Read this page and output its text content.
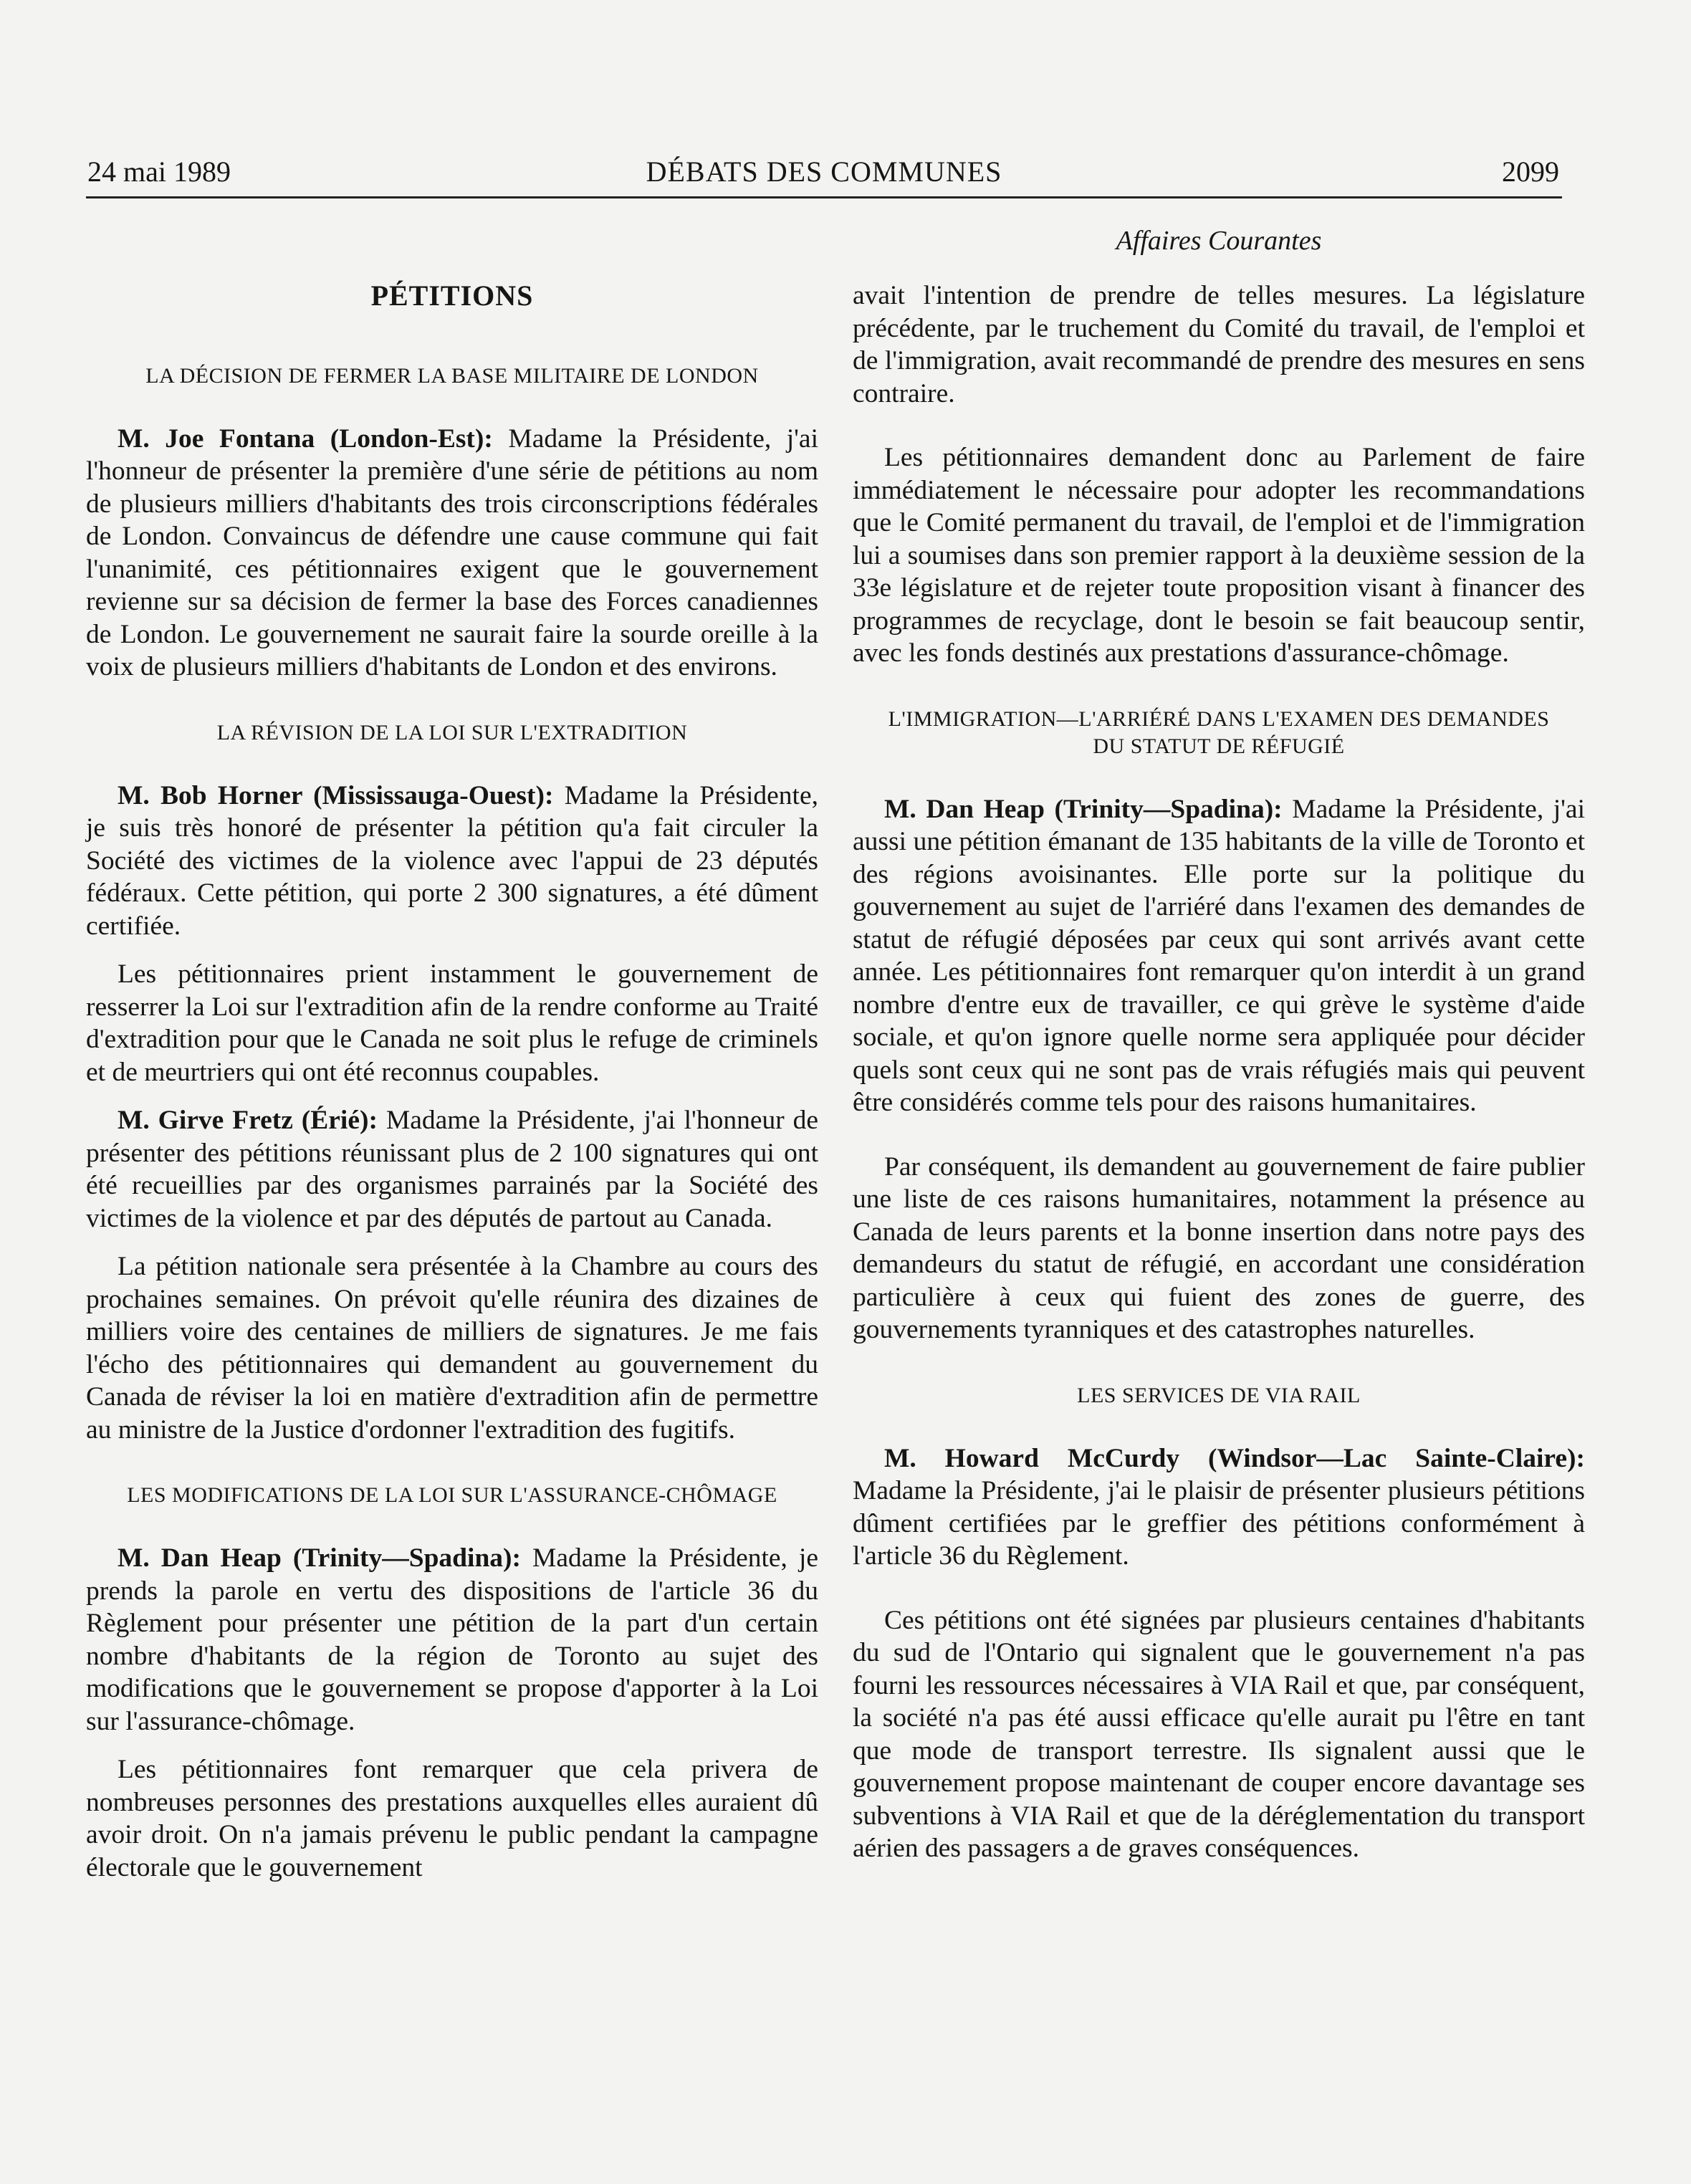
24 mai 1989	DÉBATS DES COMMUNES	2099
Affaires Courantes
PÉTITIONS
LA DÉCISION DE FERMER LA BASE MILITAIRE DE LONDON

M. Joe Fontana (London-Est): Madame la Présidente, j'ai l'honneur de présenter la première d'une série de pétitions au nom de plusieurs milliers d'habitants des trois circonscriptions fédérales de London. Convaincus de défendre une cause commune qui fait l'unanimité, ces pétitionnaires exigent que le gouvernement revienne sur sa décision de fermer la base des Forces canadiennes de London. Le gouvernement ne saurait faire la sourde oreille à la voix de plusieurs milliers d'habitants de London et des environs.

LA RÉVISION DE LA LOI SUR L'EXTRADITION

M. Bob Horner (Mississauga-Ouest): Madame la Présidente, je suis très honoré de présenter la pétition qu'a fait circuler la Société des victimes de la violence avec l'appui de 23 députés fédéraux. Cette pétition, qui porte 2 300 signatures, a été dûment certifiée.

Les pétitionnaires prient instamment le gouvernement de resserrer la Loi sur l'extradition afin de la rendre conforme au Traité d'extradition pour que le Canada ne soit plus le refuge de criminels et de meurtriers qui ont été reconnus coupables.

M. Girve Fretz (Érié): Madame la Présidente, j'ai l'honneur de présenter des pétitions réunissant plus de 2 100 signatures qui ont été recueillies par des organismes parrainés par la Société des victimes de la violence et par des députés de partout au Canada.

La pétition nationale sera présentée à la Chambre au cours des prochaines semaines. On prévoit qu'elle réunira des dizaines de milliers voire des centaines de milliers de signatures. Je me fais l'écho des pétitionnaires qui demandent au gouvernement du Canada de réviser la loi en matière d'extradition afin de permettre au ministre de la Justice d'ordonner l'extradition des fugitifs.

LES MODIFICATIONS DE LA LOI SUR L'ASSURANCE-CHÔMAGE

M. Dan Heap (Trinity—Spadina): Madame la Présidente, je prends la parole en vertu des dispositions de l'article 36 du Règlement pour présenter une pétition de la part d'un certain nombre d'habitants de la région de Toronto au sujet des modifications que le gouvernement se propose d'apporter à la Loi sur l'assurance-chômage.

Les pétitionnaires font remarquer que cela privera de nombreuses personnes des prestations auxquelles elles auraient dû avoir droit. On n'a jamais prévenu le public pendant la campagne électorale que le gouvernement

avait l'intention de prendre de telles mesures. La législature précédente, par le truchement du Comité du travail, de l'emploi et de l'immigration, avait recommandé de prendre des mesures en sens contraire.

Les pétitionnaires demandent donc au Parlement de faire immédiatement le nécessaire pour adopter les recommandations que le Comité permanent du travail, de l'emploi et de l'immigration lui a soumises dans son premier rapport à la deuxième session de la 33e législature et de rejeter toute proposition visant à financer des programmes de recyclage, dont le besoin se fait beaucoup sentir, avec les fonds destinés aux prestations d'assurance-chômage.

L'IMMIGRATION—L'ARRIÉRÉ DANS L'EXAMEN DES DEMANDES DU STATUT DE RÉFUGIÉ

M. Dan Heap (Trinity—Spadina): Madame la Présidente, j'ai aussi une pétition émanant de 135 habitants de la ville de Toronto et des régions avoisinantes. Elle porte sur la politique du gouvernement au sujet de l'arriéré dans l'examen des demandes de statut de réfugié déposées par ceux qui sont arrivés avant cette année. Les pétitionnaires font remarquer qu'on interdit à un grand nombre d'entre eux de travailler, ce qui grève le système d'aide sociale, et qu'on ignore quelle norme sera appliquée pour décider quels sont ceux qui ne sont pas de vrais réfugiés mais qui peuvent être considérés comme tels pour des raisons humanitaires.

Par conséquent, ils demandent au gouvernement de faire publier une liste de ces raisons humanitaires, notamment la présence au Canada de leurs parents et la bonne insertion dans notre pays des demandeurs du statut de réfugié, en accordant une considération particulière à ceux qui fuient des zones de guerre, des gouvernements tyranniques et des catastrophes naturelles.

LES SERVICES DE VIA RAIL

M. Howard McCurdy (Windsor—Lac Sainte-Claire): Madame la Présidente, j'ai le plaisir de présenter plusieurs pétitions dûment certifiées par le greffier des pétitions conformément à l'article 36 du Règlement.

Ces pétitions ont été signées par plusieurs centaines d'habitants du sud de l'Ontario qui signalent que le gouvernement n'a pas fourni les ressources nécessaires à VIA Rail et que, par conséquent, la société n'a pas été aussi efficace qu'elle aurait pu l'être en tant que mode de transport terrestre. Ils signalent aussi que le gouvernement propose maintenant de couper encore davantage ses subventions à VIA Rail et que de la déréglementation du transport aérien des passagers a de graves conséquences.
